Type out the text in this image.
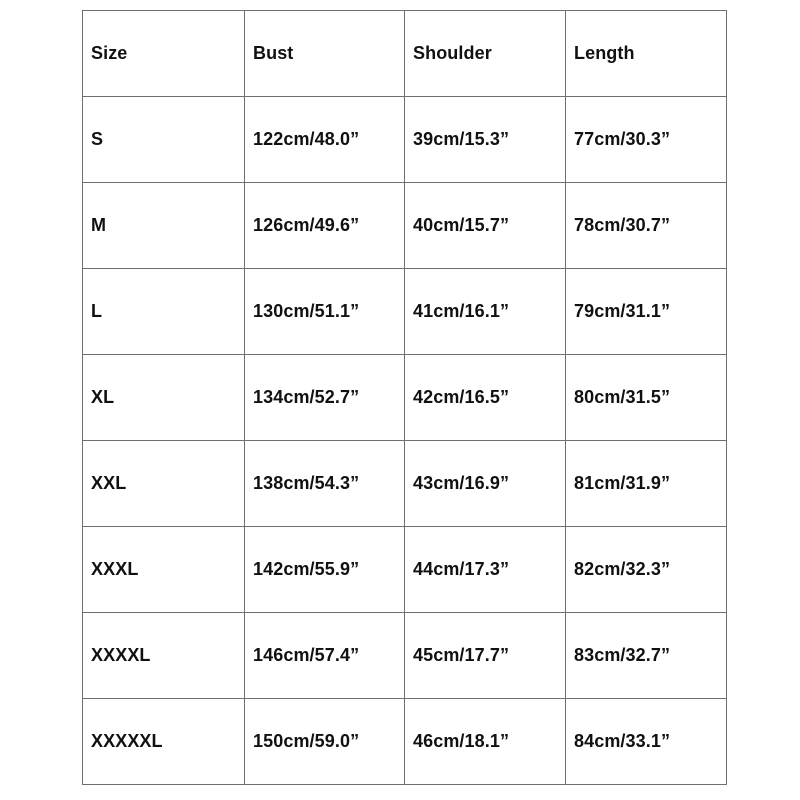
Size	Bust	Shoulder	Length
S	122cm/48.0”	39cm/15.3”	77cm/30.3”
M	126cm/49.6”	40cm/15.7”	78cm/30.7”
L	130cm/51.1”	41cm/16.1”	79cm/31.1”
XL	134cm/52.7”	42cm/16.5”	80cm/31.5”
XXL	138cm/54.3”	43cm/16.9”	81cm/31.9”
XXXL	142cm/55.9”	44cm/17.3”	82cm/32.3”
XXXXL	146cm/57.4”	45cm/17.7”	83cm/32.7”
XXXXXL	150cm/59.0”	46cm/18.1”	84cm/33.1”
